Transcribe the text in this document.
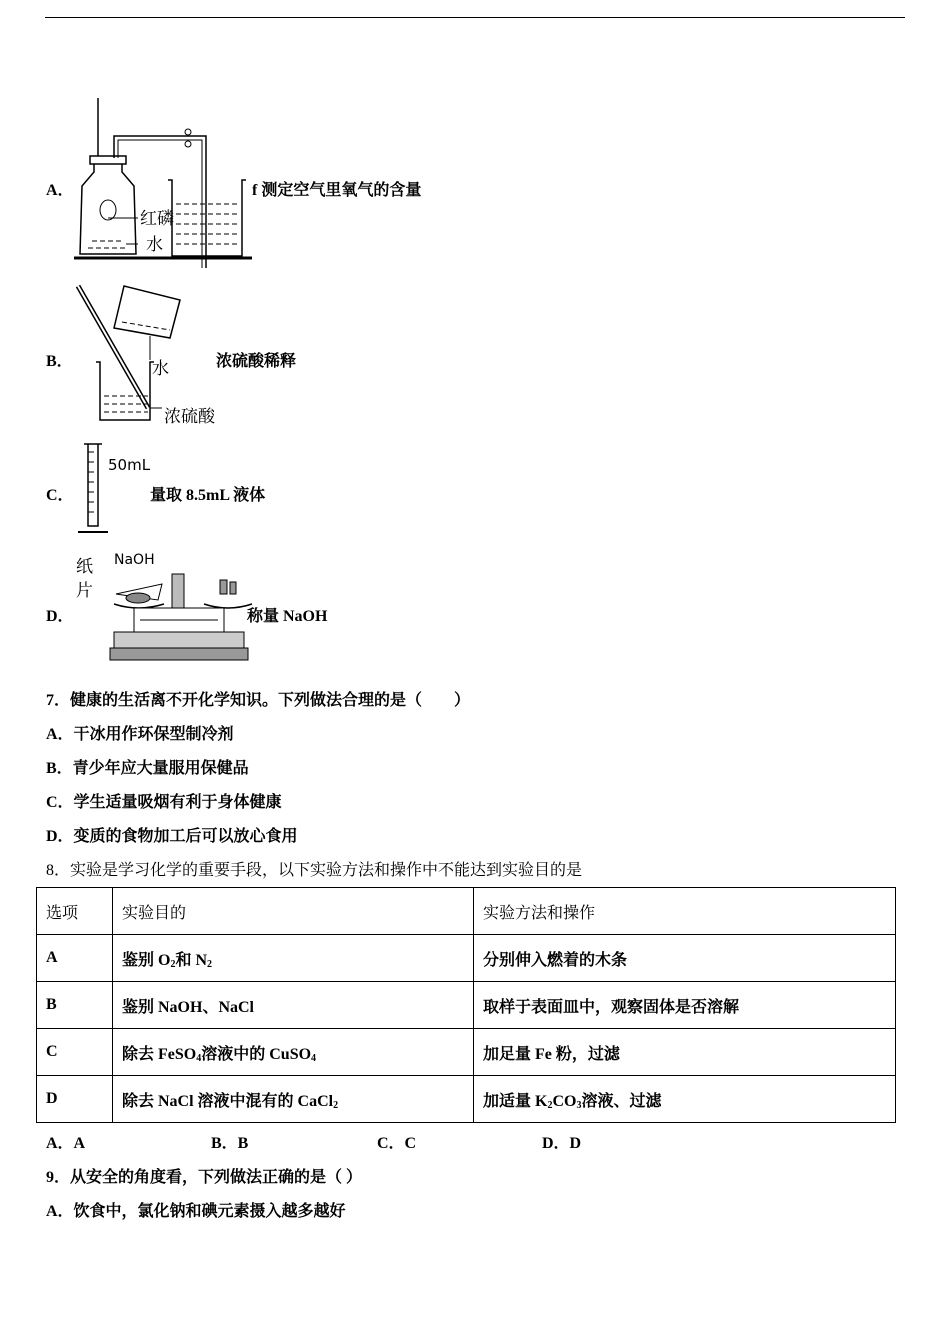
A．
红磷
水
f 测定空气里氧气的含量
B．	水
浓硫酸
浓硫酸稀释
C．
50mL
量取 8.5mL 液体
D．
纸
片
NaOH
称量 NaOH
7．健康的生活离不开化学知识。下列做法合理的是（　　）
A．干冰用作环保型制冷剂
B．青少年应大量服用保健品
C．学生适量吸烟有利于身体健康
D．变质的食物加工后可以放心食用
8．实验是学习化学的重要手段，以下实验方法和操作中不能达到实验目的是
选项	实验目的	实验方法和操作
A	鉴别 $O_2$和 $N_2$	分别伸入燃着的木条
B	鉴别 NaOH、NaCl	取样于表面皿中，观察固体是否溶解
C	除去 FeSO$_4$溶液中的 CuSO$_4$	加足量 Fe 粉，过滤
D	除去 NaCl 溶液中混有的 CaCl$_2$	加适量 $K_2CO_3$溶液、过滤
A．A	B．B	C．C	D．D
9．从安全的角度看，下列做法正确的是（ ）
A．饮食中，氯化钠和碘元素摄入越多越好
